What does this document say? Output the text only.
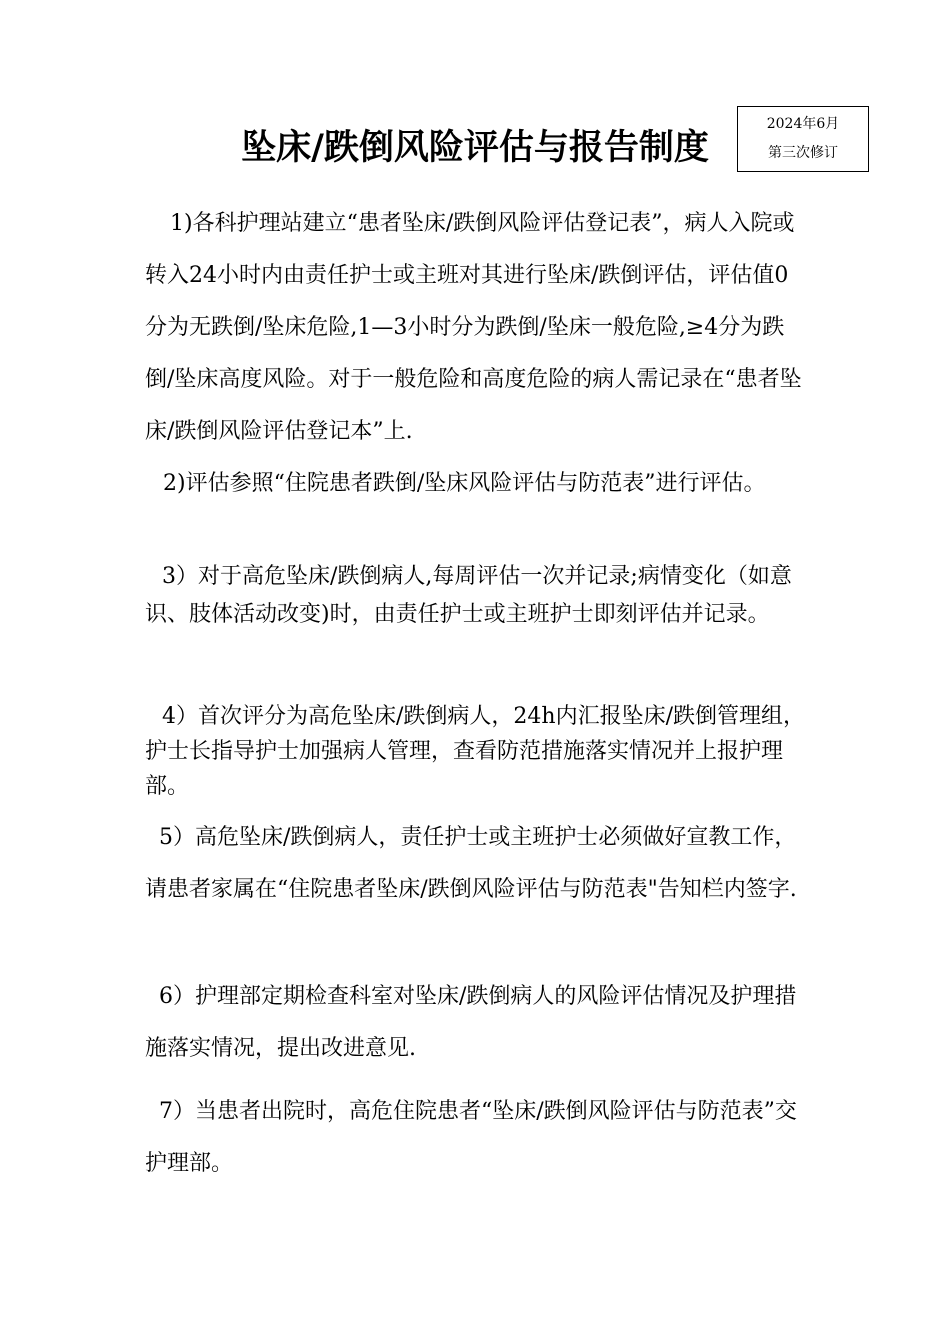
坠床/跌倒风险评估与报告制度
2024年6月
第三次修订

1)各科护理站建立“患者坠床/跌倒风险评估登记表”，病人入院或转入24小时内由责任护士或主班对其进行坠床/跌倒评估，评估值0分为无跌倒/坠床危险,1—3小时分为跌倒/坠床一般危险,≥4分为跌倒/坠床高度风险。对于一般危险和高度危险的病人需记录在“患者坠床/跌倒风险评估登记本”上.

2)评估参照“住院患者跌倒/坠床风险评估与防范表”进行评估。

3）对于高危坠床/跌倒病人,每周评估一次并记录;病情变化（如意识、肢体活动改变)时，由责任护士或主班护士即刻评估并记录。

4）首次评分为高危坠床/跌倒病人，24h内汇报坠床/跌倒管理组，护士长指导护士加强病人管理，查看防范措施落实情况并上报护理部。

5）高危坠床/跌倒病人，责任护士或主班护士必须做好宣教工作，请患者家属在“住院患者坠床/跌倒风险评估与防范表"告知栏内签字.

6）护理部定期检查科室对坠床/跌倒病人的风险评估情况及护理措施落实情况，提出改进意见.

7）当患者出院时，高危住院患者“坠床/跌倒风险评估与防范表”交护理部。
